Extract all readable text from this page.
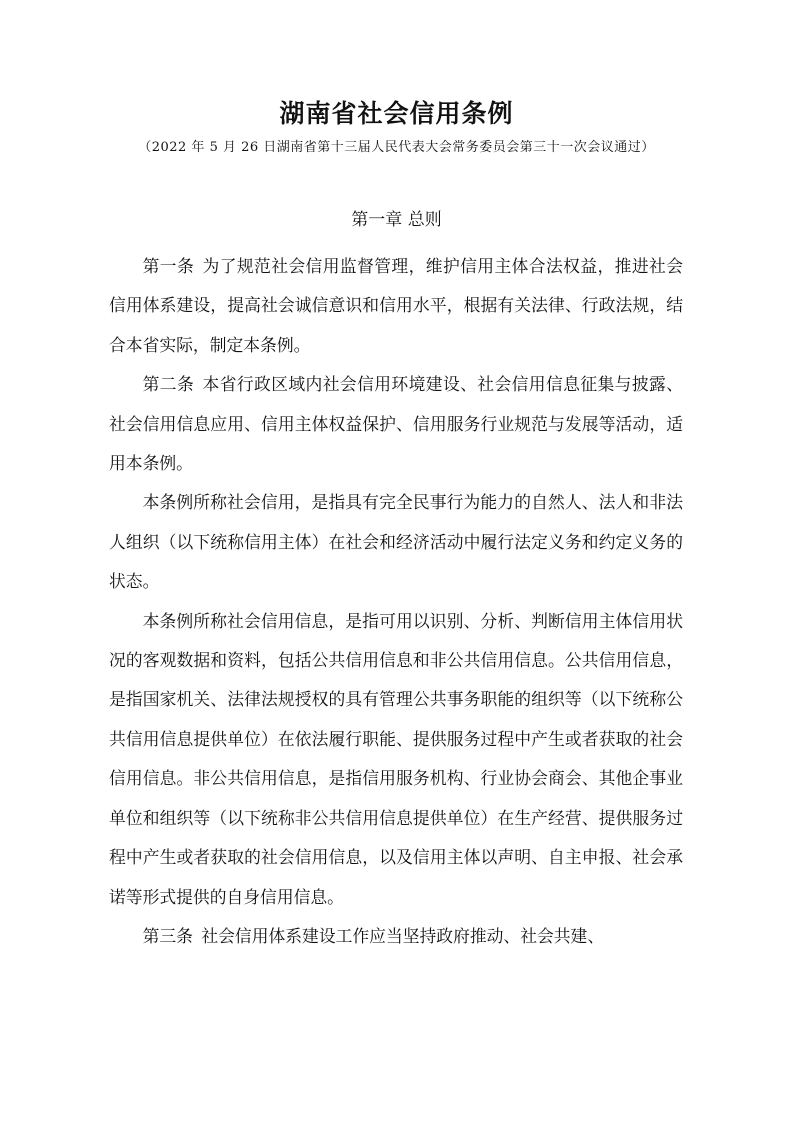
湖南省社会信用条例
（2022 年 5 月 26 日湖南省第十三届人民代表大会常务委员会第三十一次会议通过）
第一章 总则

第一条 为了规范社会信用监督管理，维护信用主体合法权益，推进社会信用体系建设，提高社会诚信意识和信用水平，根据有关法律、行政法规，结合本省实际，制定本条例。

第二条 本省行政区域内社会信用环境建设、社会信用信息征集与披露、社会信用信息应用、信用主体权益保护、信用服务行业规范与发展等活动，适用本条例。

本条例所称社会信用，是指具有完全民事行为能力的自然人、法人和非法人组织（以下统称信用主体）在社会和经济活动中履行法定义务和约定义务的状态。

本条例所称社会信用信息，是指可用以识别、分析、判断信用主体信用状况的客观数据和资料，包括公共信用信息和非公共信用信息。公共信用信息，是指国家机关、法律法规授权的具有管理公共事务职能的组织等（以下统称公共信用信息提供单位）在依法履行职能、提供服务过程中产生或者获取的社会信用信息。非公共信用信息，是指信用服务机构、行业协会商会、其他企事业单位和组织等（以下统称非公共信用信息提供单位）在生产经营、提供服务过程中产生或者获取的社会信用信息，以及信用主体以声明、自主申报、社会承诺等形式提供的自身信用信息。

第三条 社会信用体系建设工作应当坚持政府推动、社会共建、
